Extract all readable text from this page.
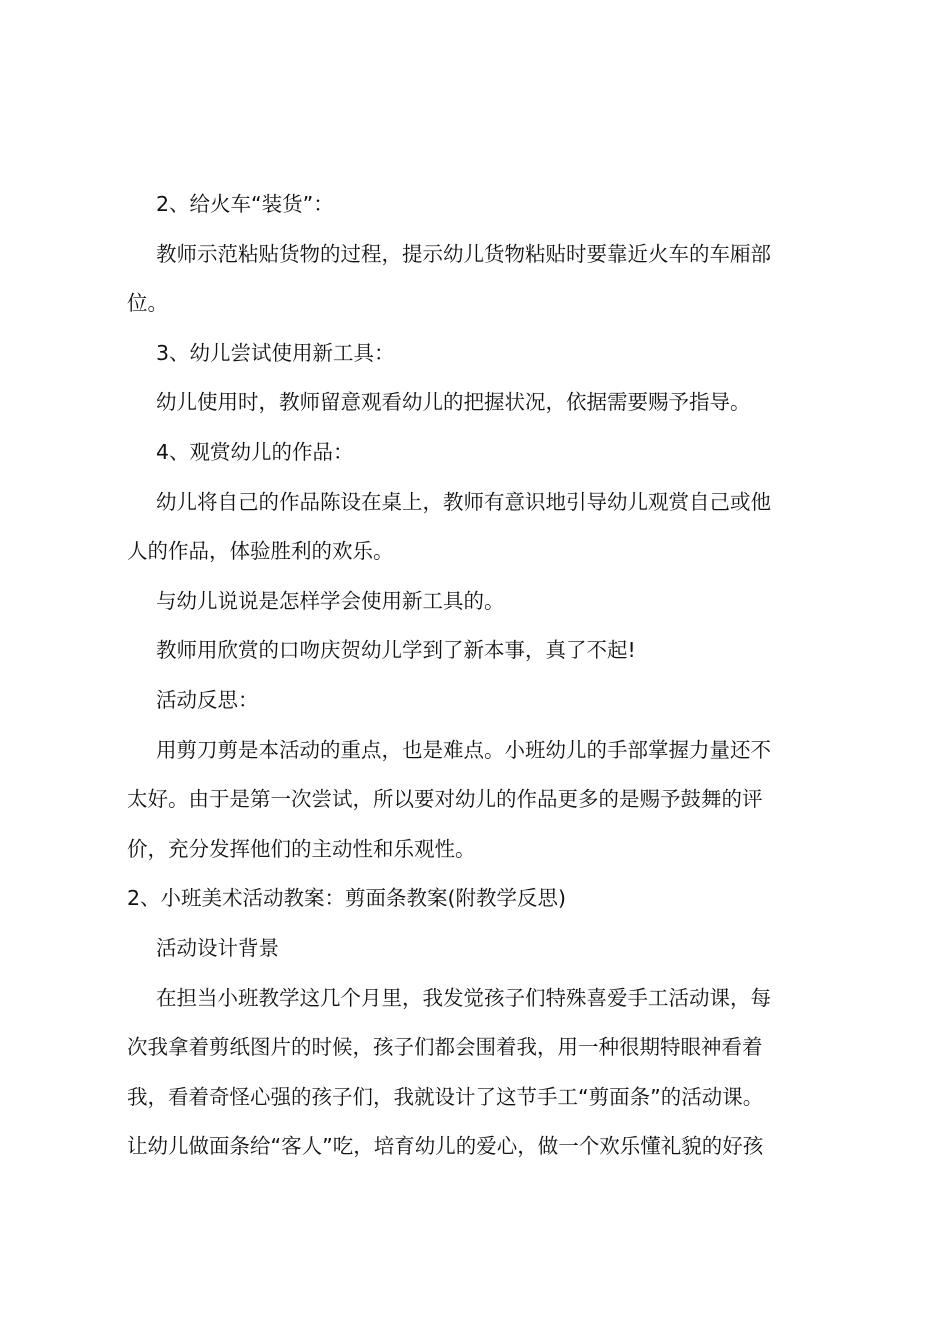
2、给火车“装货”：

教师示范粘贴货物的过程，提示幼儿货物粘贴时要靠近火车的车厢部

位。

3、幼儿尝试使用新工具：

幼儿使用时，教师留意观看幼儿的把握状况，依据需要赐予指导。

4、观赏幼儿的作品：

幼儿将自己的作品陈设在桌上，教师有意识地引导幼儿观赏自己或他

人的作品，体验胜利的欢乐。

与幼儿说说是怎样学会使用新工具的。

教师用欣赏的口吻庆贺幼儿学到了新本事，真了不起!

活动反思：

用剪刀剪是本活动的重点，也是难点。小班幼儿的手部掌握力量还不

太好。由于是第一次尝试，所以要对幼儿的作品更多的是赐予鼓舞的评

价，充分发挥他们的主动性和乐观性。

2、小班美术活动教案：剪面条教案(附教学反思)

活动设计背景

在担当小班教学这几个月里，我发觉孩子们特殊喜爱手工活动课，每

次我拿着剪纸图片的时候，孩子们都会围着我，用一种很期特眼神看着

我，看着奇怪心强的孩子们，我就设计了这节手工“剪面条”的活动课。

让幼儿做面条给“客人”吃，培育幼儿的爱心，做一个欢乐懂礼貌的好孩
